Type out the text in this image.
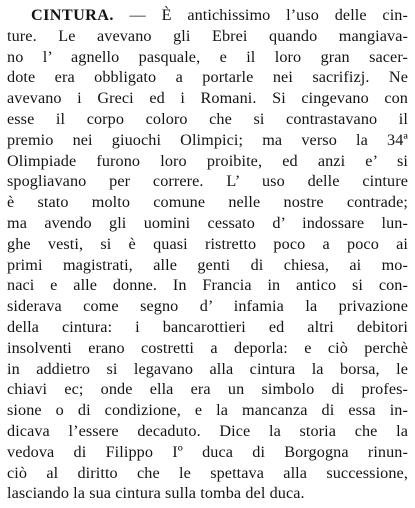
CINTURA. — È antichissimo l’uso delle cin-
ture. Le avevano gli Ebrei quando mangiava-
no l’ agnello pasquale, e il loro gran sacer-
dote era obbligato a portarle nei sacrifizj. Ne
avevano i Greci ed i Romani. Si cingevano con
esse il corpo coloro che si contrastavano il
premio nei giuochi Olimpici; ma verso la 34ª
Olimpiade furono loro proibite, ed anzi e’ si
spogliavano per correre. L’ uso delle cinture
è stato molto comune nelle nostre contrade;
ma avendo gli uomini cessato d’ indossare lun-
ghe vesti, si è quasi ristretto poco a poco ai
primi magistrati, alle genti di chiesa, ai mo-
naci e alle donne. In Francia in antico si con-
siderava come segno d’ infamia la privazione
della cintura: i bancarottieri ed altri debitori
insolventi erano costretti a deporla: e ciò perchè
in addietro si legavano alla cintura la borsa, le
chiavi ec; onde ella era un simbolo di profes-
sione o di condizione, e la mancanza di essa in-
dicava l’essere decaduto. Dice la storia che la
vedova di Filippo Iº duca di Borgogna rinun-
ciò al diritto che le spettava alla successione,
lasciando la sua cintura sulla tomba del duca.
